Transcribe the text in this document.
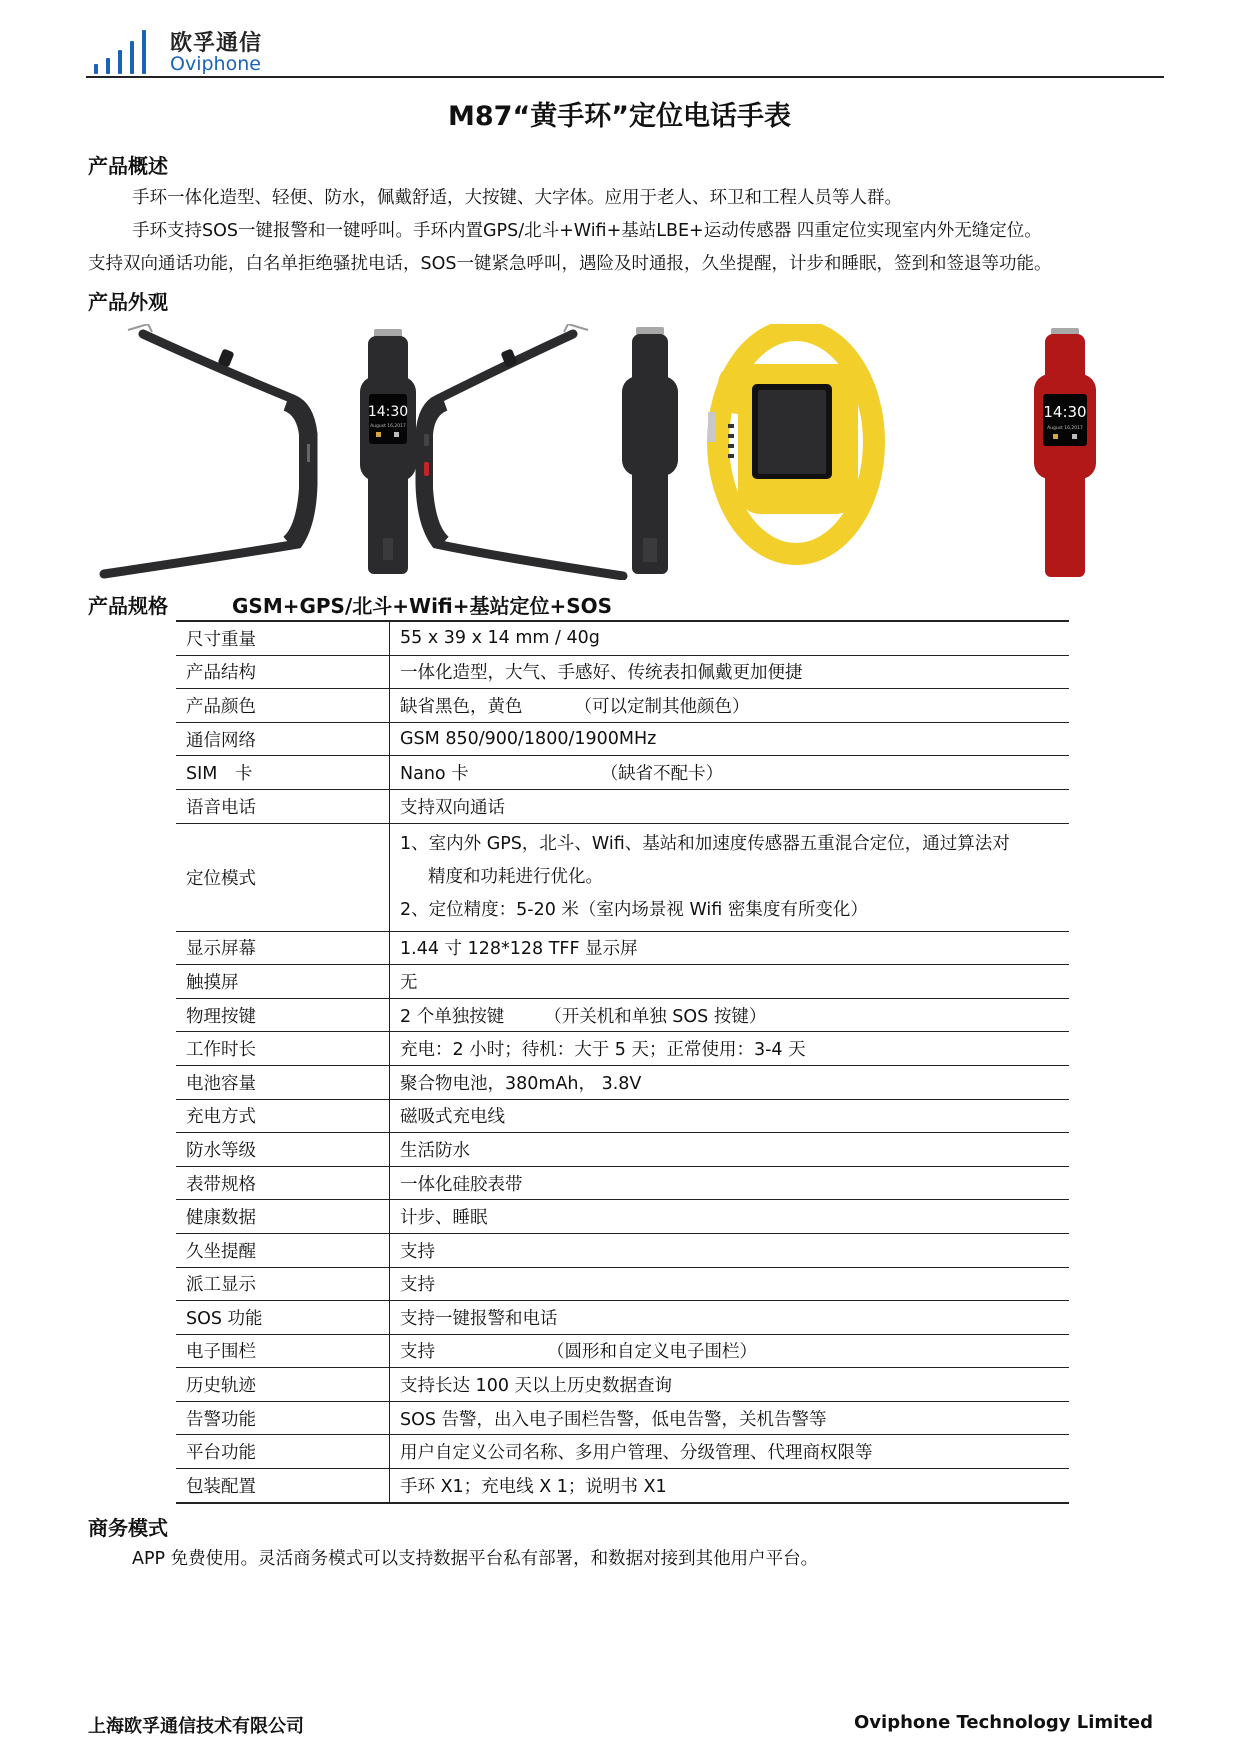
欧孚通信
Oviphone
M87“黄手环”定位电话手表
产品概述
手环一体化造型、轻便、防水，佩戴舒适，大按键、大字体。应用于老人、环卫和工程人员等人群。
手环支持SOS一键报警和一键呼叫。手环内置GPS/北斗+Wifi+基站LBE+运动传感器 四重定位实现室内外无缝定位。
支持双向通话功能，白名单拒绝骚扰电话，SOS一键紧急呼叫，遇险及时通报，久坐提醒，计步和睡眠，签到和签退等功能。
产品外观
14:30
August 16,2017
14:30
August 16,2017
产品规格	GSM+GPS/北斗+Wifi+基站定位+SOS
尺寸重量	55 x 39 x 14 mm / 40g
产品结构	一体化造型，大气、手感好、传统表扣佩戴更加便捷
产品颜色	缺省黑色，黄色 （可以定制其他颜色）
通信网络	GSM 850/900/1800/1900MHz
SIM　卡	Nano 卡 （缺省不配卡）
语音电话	支持双向通话
定位模式	1、室内外 GPS，北斗、Wifi、基站和加速度传感器五重混合定位，通过算法对
精度和功耗进行优化。
2、定位精度：5-20 米（室内场景视 Wifi 密集度有所变化）

显示屏幕	1.44 寸 128*128 TFF 显示屏
触摸屏	无
物理按键	2 个单独按键 （开关机和单独 SOS 按键）
工作时长	充电：2 小时；待机：大于 5 天；正常使用：3-4 天
电池容量	聚合物电池，380mAh， 3.8V
充电方式	磁吸式充电线
防水等级	生活防水
表带规格	一体化硅胶表带
健康数据	计步、睡眠
久坐提醒	支持
派工显示	支持
SOS 功能	支持一键报警和电话
电子围栏	支持 （圆形和自定义电子围栏）
历史轨迹	支持长达 100 天以上历史数据查询
告警功能	SOS 告警，出入电子围栏告警，低电告警，关机告警等
平台功能	用户自定义公司名称、多用户管理、分级管理、代理商权限等
包装配置	手环 X1；充电线 X 1；说明书 X1
商务模式
APP 免费使用。灵活商务模式可以支持数据平台私有部署，和数据对接到其他用户平台。
上海欧孚通信技术有限公司	Oviphone Technology Limited
